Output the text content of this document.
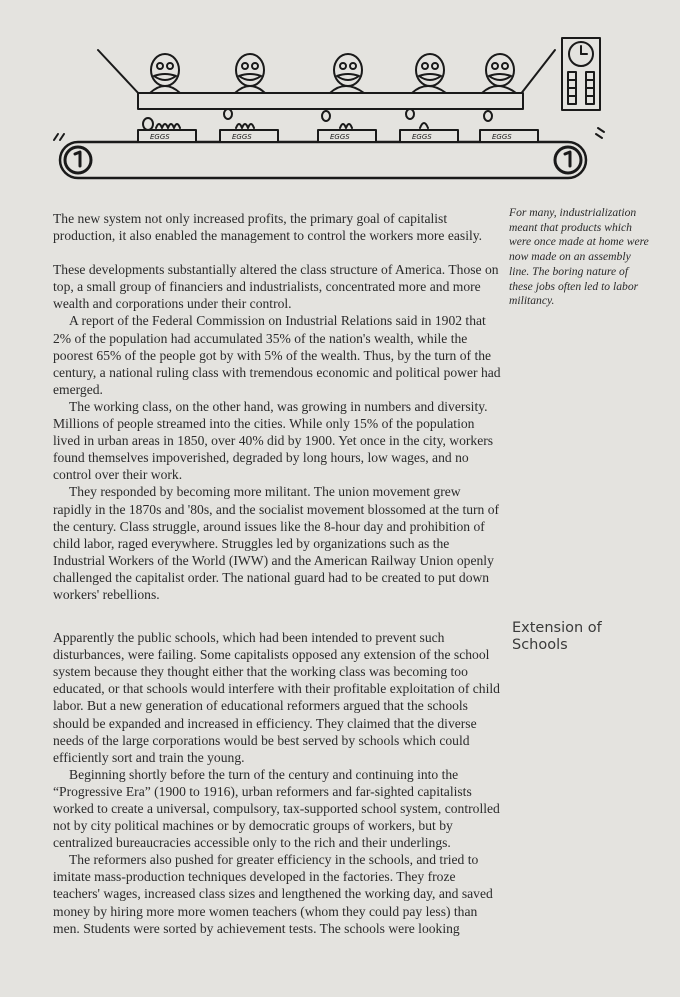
EGGS	EGGS	EGGS	EGGS	EGGS

The new system not only increased profits, the primary goal of capitalist production, it also enabled the management to control the workers more easily.

These developments substantially altered the class structure of America. Those on top, a small group of financiers and industrialists, concentrated more and more wealth and corporations under their control.

A report of the Federal Commission on Industrial Relations said in 1902 that 2% of the population had accumulated 35% of the nation's wealth, while the poorest 65% of the people got by with 5% of the wealth. Thus, by the turn of the century, a national ruling class with tremendous economic and political power had emerged.

The working class, on the other hand, was growing in numbers and diversity. Millions of people streamed into the cities. While only 15% of the population lived in urban areas in 1850, over 40% did by 1900. Yet once in the city, workers found themselves impoverished, degraded by long hours, low wages, and no control over their work.

They responded by becoming more militant. The union movement grew rapidly in the 1870s and '80s, and the socialist movement blossomed at the turn of the century. Class struggle, around issues like the 8-hour day and prohibition of child labor, raged everywhere. Struggles led by organizations such as the Industrial Workers of the World (IWW) and the American Railway Union openly challenged the capitalist order. The national guard had to be created to put down workers' rebellions.

Apparently the public schools, which had been intended to prevent such disturbances, were failing. Some capitalists opposed any extension of the school system because they thought either that the working class was becoming too educated, or that schools would interfere with their profitable exploitation of child labor. But a new generation of educational reformers argued that the schools should be expanded and increased in efficiency. They claimed that the diverse needs of the large corporations would be best served by schools which could efficiently sort and train the young.

Beginning shortly before the turn of the century and continuing into the “Progressive Era” (1900 to 1916), urban reformers and far-sighted capitalists worked to create a universal, compulsory, tax-supported school system, controlled not by city political machines or by democratic groups of workers, but by centralized bureaucracies accessible only to the rich and their underlings.

The reformers also pushed for greater efficiency in the schools, and tried to imitate mass-production techniques developed in the factories. They froze teachers' wages, increased class sizes and lengthened the working day, and saved money by hiring more more women teachers (whom they could pay less) than men. Students were sorted by achievement tests. The schools were looking

For many, industrialization meant that products which were once made at home were now made on an assembly line. The boring nature of these jobs often led to labor militancy.
Extension of
Schools
